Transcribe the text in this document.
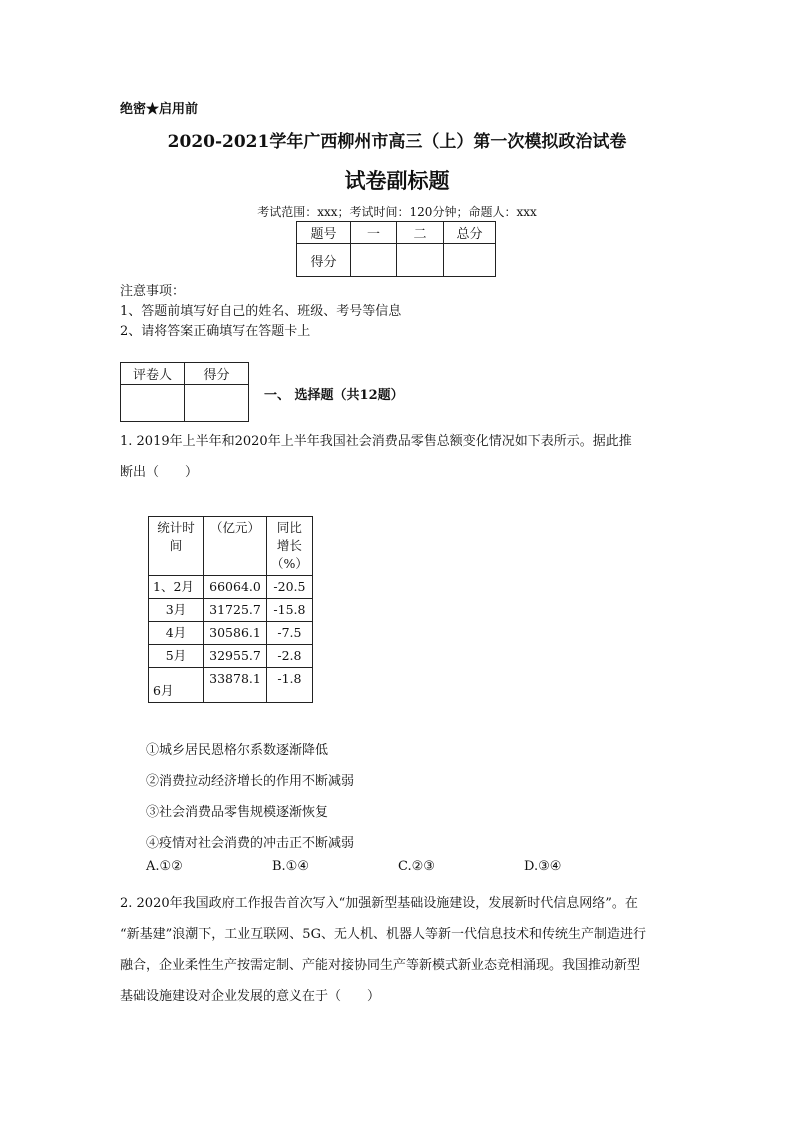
绝密★启用前
2020-2021学年广西柳州市高三（上）第一次模拟政治试卷
试卷副标题
考试范围：xxx；考试时间：120分钟；命题人：xxx
题号	一	二	总分
得分			
注意事项：
1、答题前填写好自己的姓名、班级、考号等信息
2、请将答案正确填写在答题卡上
评卷人	得分

一、 选择题（共12题）
1. 2019年上半年和2020年上半年我国社会消费品零售总额变化情况如下表所示。据此推
断出（　　）
统计时间	（亿元）	同比增长（%）
1、2月	66064.0	-20.5
3月	31725.7	-15.8
4月	30586.1	-7.5
5月	32955.7	-2.8
6月	33878.1	-1.8
①城乡居民恩格尔系数逐渐降低
②消费拉动经济增长的作用不断减弱
③社会消费品零售规模逐渐恢复
④疫情对社会消费的冲击正不断减弱
A.①②	B.①④	C.②③	D.③④
2. 2020年我国政府工作报告首次写入“加强新型基础设施建设，发展新时代信息网络”。在
“新基建”浪潮下，工业互联网、5G、无人机、机器人等新一代信息技术和传统生产制造进行
融合，企业柔性生产按需定制、产能对接协同生产等新模式新业态竞相涌现。我国推动新型
基础设施建设对企业发展的意义在于（　　）
